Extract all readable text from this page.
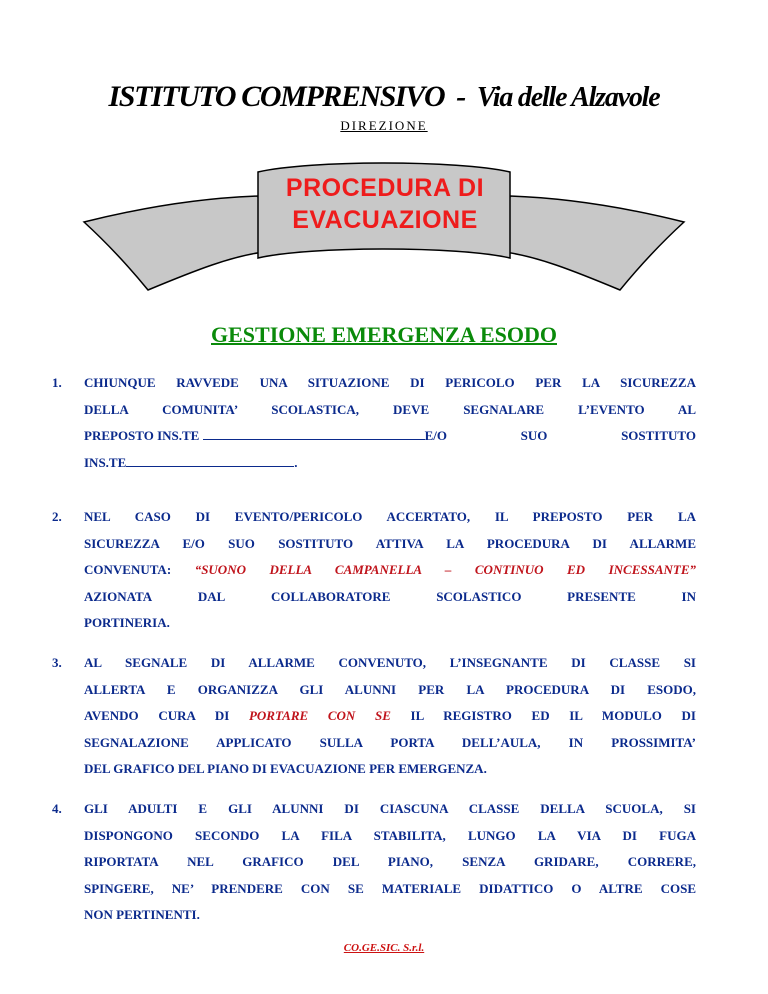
ISTITUTO COMPRENSIVO - Via delle Alzavole
DIREZIONE
PROCEDURA DI
EVACUAZIONE
GESTIONE EMERGENZA ESODO
1. CHIUNQUE RAVVEDE UNA SITUAZIONE DI PERICOLO PER LA SICUREZZA
DELLA COMUNITA’ SCOLASTICA, DEVE SEGNALARE L’EVENTO AL
PREPOSTO INS.TE	E/O	SUO	SOSTITUTO
INS.TE	.
2. NEL CASO DI EVENTO/PERICOLO ACCERTATO, IL PREPOSTO PER LA
SICUREZZA E/O SUO SOSTITUTO ATTIVA LA PROCEDURA DI ALLARME
CONVENUTA: “SUONO DELLA CAMPANELLA – CONTINUO ED INCESSANTE”
AZIONATA	DAL	COLLABORATORE	SCOLASTICO	PRESENTE	IN
PORTINERIA.
3. AL SEGNALE DI ALLARME CONVENUTO, L’INSEGNANTE DI CLASSE SI
ALLERTA E ORGANIZZA GLI ALUNNI PER LA PROCEDURA DI ESODO,
AVENDO CURA DI PORTARE CON SE IL REGISTRO ED IL MODULO DI
SEGNALAZIONE APPLICATO SULLA PORTA DELL’AULA, IN PROSSIMITA’
DEL GRAFICO DEL PIANO DI EVACUAZIONE PER EMERGENZA.
4. GLI ADULTI E GLI ALUNNI DI CIASCUNA CLASSE DELLA SCUOLA, SI
DISPONGONO SECONDO LA FILA STABILITA, LUNGO LA VIA DI FUGA
RIPORTATA NEL GRAFICO DEL PIANO, SENZA GRIDARE, CORRERE,
SPINGERE, NE’ PRENDERE CON SE MATERIALE DIDATTICO O ALTRE COSE
NON PERTINENTI.
CO.GE.SIC. S.r.l.
